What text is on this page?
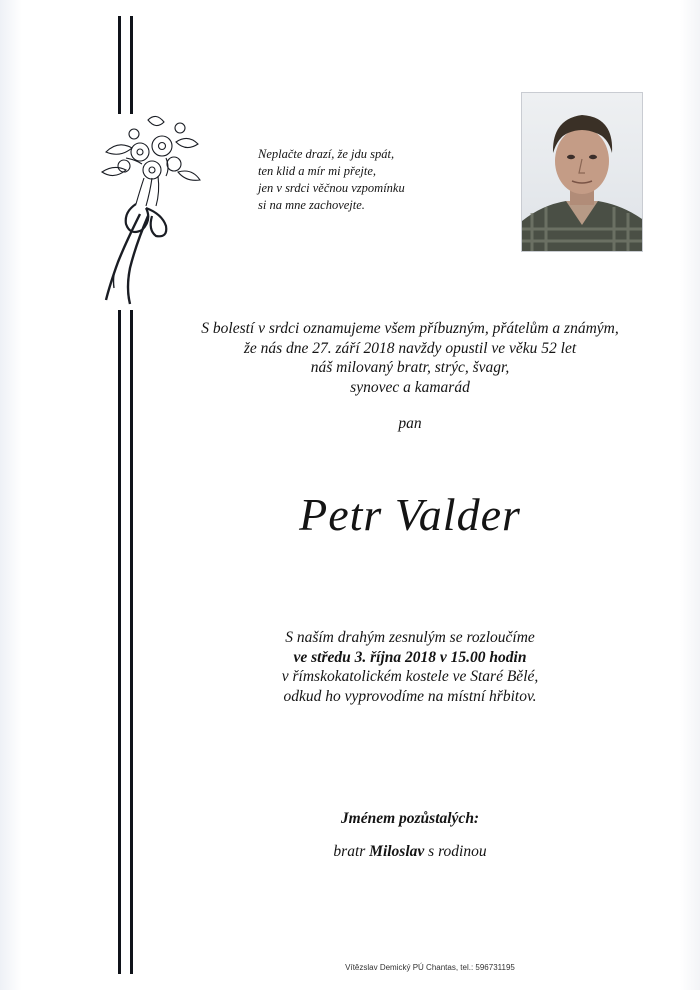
Neplačte drazí, že jdu spát,
ten klid a mír mi přejte,
jen v srdci věčnou vzpomínku
si na mne zachovejte.
S bolestí v srdci oznamujeme všem příbuzným, přátelům a známým,
že nás dne 27. září 2018 navždy opustil ve věku 52 let
náš milovaný bratr, strýc, švagr,
synovec a kamarád
pan
Petr Valder
S naším drahým zesnulým se rozloučíme
ve středu 3. října 2018 v 15.00 hodin
v římskokatolickém kostele ve Staré Bělé,
odkud ho vyprovodíme na místní hřbitov.
Jménem pozůstalých:
bratr Miloslav s rodinou
Vítězslav Demický PÚ Chantas, tel.: 596731195
